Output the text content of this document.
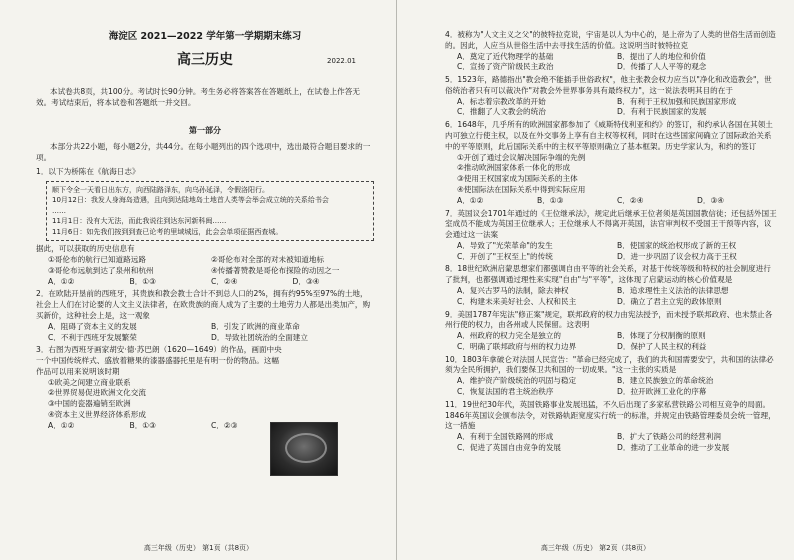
海淀区 2021—2022 学年第一学期期末练习
高三历史	2022.01
本试卷共8页，共100分。考试时长90分钟。考生务必将答案答在答题纸上，在试卷上作答无效。考试结束后，将本试卷和答题纸一并交回。
第一部分
本部分共22小题，每小题2分，共44分。在每小题列出的四个选项中，选出最符合题目要求的一项。
1．以下为桥陈在《航海日志》
顺下令全一天看日出东方，向西陆路泽东，向乌孙延泽，令假洛阳行。
10月12日：我发人身海岛造遇，且向到达陆地岛土地首人类等会举会成立统的关系给书会
……
11月1日：没有大无法，而此我说往到达东河新科闽……
11月6日：如先我们按到到查已论考的里域城远，此会会单项征据西查城。
据此，可以获取的历史信息有
①哥伦布的航行已知道路远路	②哥伦布对全部的对未被知道地标
③哥伦布远航到达了泉州和杭州	④传播著赞教是哥伦布探险的动因之一
A．①②	B．①③	C．②④	D．③④
2．在欧陆开垦前的西班牙，其贵族和教会教士合计不到总人口的2%，拥有约95%至97%的土地，社会上人们在讨论要的人文主义法律者，在欧贵族的商人成为了主要的土地劳力人都是出类加产，购买新价，这种社会上是，这一观象
A．阻碍了资本主义的发展	B．引发了欧洲的商业革命
C．不利于西班牙发展繁荣	D．导致社团统治的全面建立
3．右图为西班牙画家胡安·德·苏巴朗（1620—1649）的作品，画面中央一个中国传统样式、盛放着糖果的漆器盛器托里是有明一份的物品。这幅作品可以用来说明该时期
①欧美之间建立商业联系
②世界贸易促进欧洲文化交流
③中国的瓷器遍销至欧洲
④资本主义世界经济体系形成
A．①②	B．①③	C．②③
高三年级（历史） 第1页（共8页）
4．被称为"人文主义之父"的彼特拉克说，宇宙是以人为中心的，是上帝为了人类的世俗生活而创造的。因此，人应当从世俗生活中去寻找生活的价值。这说明当时彼特拉克
A．奠定了近代物理学的基础	B．提出了人的地位和价值
C．宣扬了资产阶级民主政治	D．传播了人人平等的观念
5．1523年，路德指出"教会绝不能插手世俗政权"，他主张教会权力应当以"净化和改造教会"，世俗统治者只有可以裁决作"对教会外世界事务具有最终权力"，这一说法表明其目的在于
A．标志着宗教改革的开始	B．有利于王权加强和民族国家形成
C．推翻了人文教会的统治	D．有利于民族国家的发展
6．1648年，几乎所有的欧洲国家都参加了《威斯特伐利亚和约》的签订，和约承认各国在其领土内可独立行使主权，以及在外交事务上享有自主权等权利，同时在这些国家间确立了国际政治关系中的平等原则，此后国际关系中的主权平等原则确立了基本框架。历史学家认为，和约的签订
①开创了通过会议解决国际争端的先例
②推动欧洲国家体系一体化的形成
③使用王权国家成为国际关系的主体
④使国际法在国际关系中得到实际应用
A．①②	B．①③	C．②④	D．③④
7．英国议会1701年通过的《王位继承法》，规定此后继承王位者须是英国国教信徒；还包括外国王室成员不能成为英国王位继承人；王位继承人不得离开英国，法官审判权不受国王干预等内容，议会通过这一法案
A．导致了"光荣革命"的发生	B．使国家的统治权形成了新的王权
C．开创了"王权至上"的传统	D．进一步巩固了议会权力高于王权
8．18世纪欧洲启蒙思想家们都强调自由平等的社会关系，对基于传统等级和特权的社会制度进行了批判，也都强调通过理性来实现"自由"与"平等"，这体现了启蒙运动的核心价值观是
A．复兴古罗马的法制，除去神权	B．追求理性主义法治的法律思想
C．构建未来美好社会、人权和民主	D．确立了君主立宪的政体原则
9．美国1787年宪法"修正案"规定，联邦政府的权力由宪法授予，而未授予联邦政府、也未禁止各州行使的权力，由各州或人民保留。这表明
A．州政府的权力完全是独立的	B．体现了分权制衡的原则
C．明确了联邦政府与州的权力边界	D．保护了人民主权的利益
10．1803年拿破仑对法国人民宣告："革命已经完成了，我们的共和国需要安宁，共和国的法律必须为全民所拥护，我们要保卫共和国的一切成果。"这一主张的实质是
A．维护资产阶级统治的巩固与稳定	B．建立民族独立的革命统治
C．恢复法国的君主统治秩序	D．拉开欧洲工业化的序幕
11．19世纪30年代，英国铁路事业发展迅猛，不久后出现了多家私营铁路公司相互竞争的局面。1846年英国议会颁布法令，对铁路轨距宽度实行统一的标准，并规定由铁路管理委员会统一管理，这一措施
A．有利于全国铁路网的形成	B．扩大了铁路公司的经营利润
C．促进了英国自由竞争的发展	D．推动了工业革命的进一步发展
高三年级（历史） 第2页（共8页）
